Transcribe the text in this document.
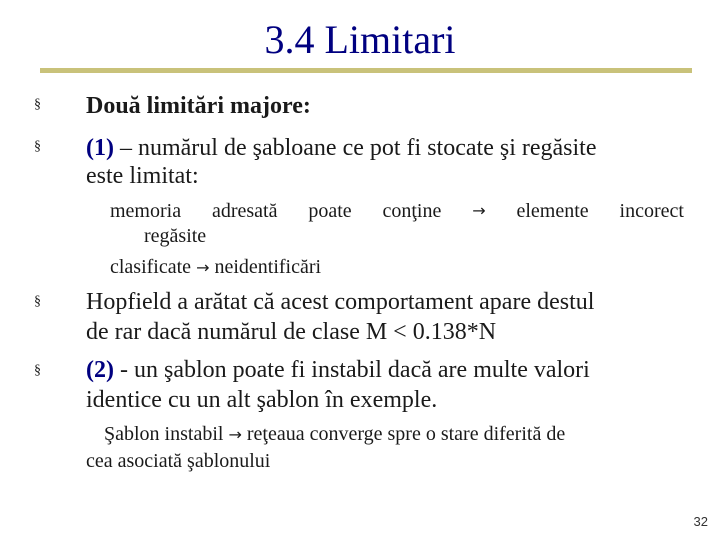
3.4 Limitari
§ Două limitări majore:
§ (1) – numărul de şabloane ce pot fi stocate şi regăsite
este limitat:
memoria adresată poate conţine → elemente incorect
regăsite
clasificate → neidentificări
§ Hopfield a arătat că acest comportament apare destul
de rar dacă numărul de clase M < 0.138*N
§ (2) - un şablon poate fi instabil dacă are multe valori
identice cu un alt şablon în exemple.
Şablon instabil → reţeaua converge spre o stare diferită de
cea asociată şablonului
32
